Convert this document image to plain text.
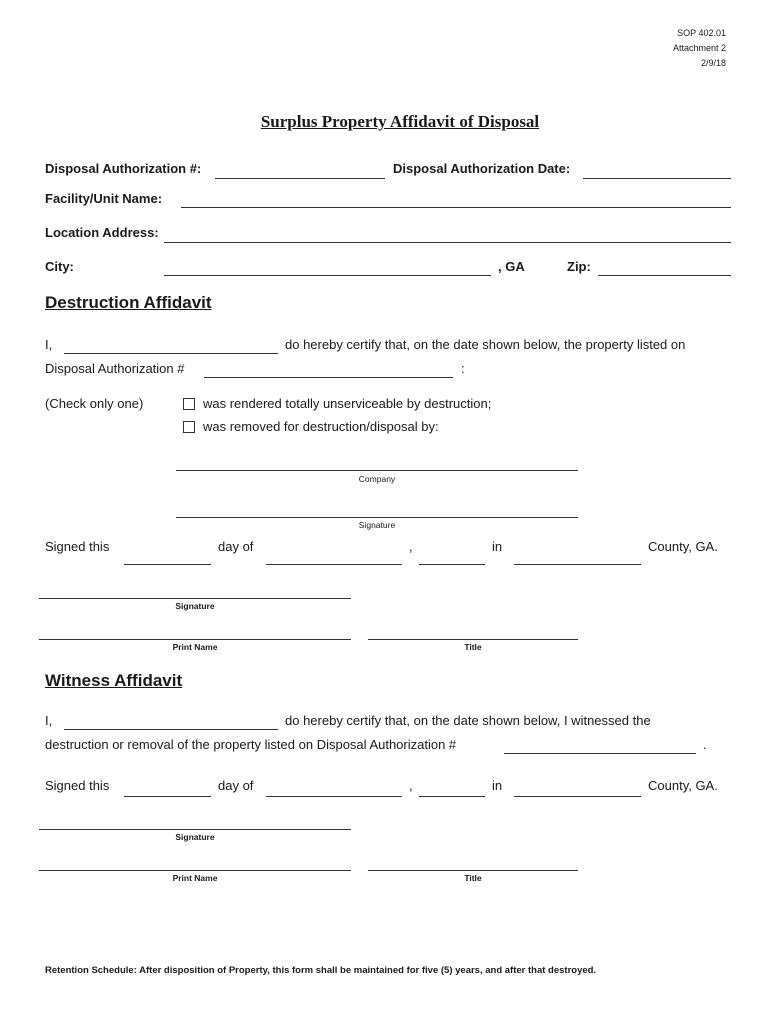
SOP 402.01
Attachment 2
2/9/18
Surplus Property Affidavit of Disposal
Disposal Authorization #:	Disposal Authorization Date:
Facility/Unit Name:
Location Address:
City:	, GA	Zip:
Destruction Affidavit
I,	do hereby certify that, on the date shown below, the property listed on
Disposal Authorization #	:
(Check only one)	was rendered totally unserviceable by destruction;
was removed for destruction/disposal by:
Company
Signature
Signed this	day of	,	in	County, GA.
Signature
Print Name	Title
Witness Affidavit
I,	do hereby certify that, on the date shown below, I witnessed the
destruction or removal of the property listed on Disposal Authorization #	.
Signed this	day of	,	in	County, GA.
Signature
Print Name	Title
Retention Schedule: After disposition of Property, this form shall be maintained for five (5) years, and after that destroyed.
